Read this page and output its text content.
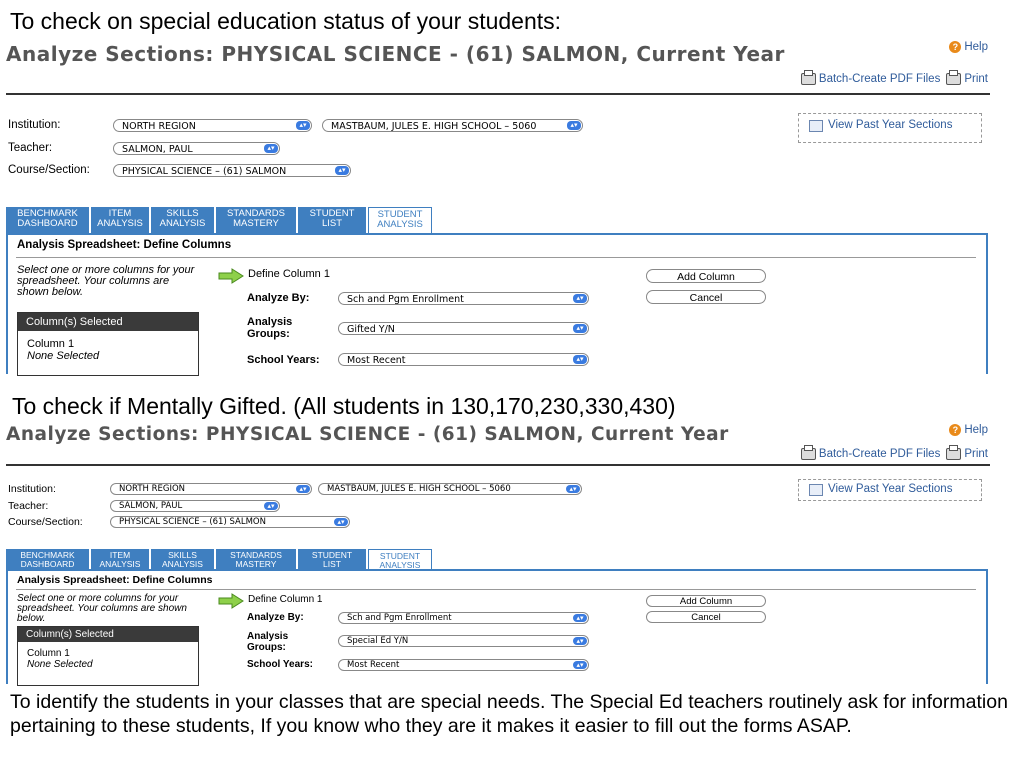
To check on special education status of your students:
Analyze Sections: PHYSICAL SCIENCE - (61) SALMON, Current Year	? Help
Batch-Create PDF Files Print
Institution:	NORTH REGION	▴▾	MASTBAUM, JULES E. HIGH SCHOOL – 5060	▴▾
Teacher:	SALMON, PAUL	▴▾
Course/Section:	PHYSICAL SCIENCE – (61) SALMON	▴▾
View Past Year Sections
BENCHMARK
DASHBOARD
ITEM
ANALYSIS
SKILLS
ANALYSIS
STANDARDS
MASTERY
STUDENT
LIST
STUDENT
ANALYSIS
Analysis Spreadsheet: Define Columns
Select one or more columns for your spreadsheet. Your columns are shown below.
Column(s) Selected
Column 1
None Selected
Define Column 1
Analyze By:	Sch and Pgm Enrollment	▴▾
Analysis Groups:	Gifted Y/N	▴▾
School Years:	Most Recent	▴▾
Add Column
Cancel
To check if Mentally Gifted. (All students in 130,170,230,330,430)
Analyze Sections: PHYSICAL SCIENCE - (61) SALMON, Current Year	? Help
Batch-Create PDF Files Print
Institution:	NORTH REGION	▴▾	MASTBAUM, JULES E. HIGH SCHOOL – 5060	▴▾
Teacher:	SALMON, PAUL	▴▾
Course/Section:	PHYSICAL SCIENCE – (61) SALMON	▴▾
View Past Year Sections
BENCHMARK
DASHBOARD
ITEM
ANALYSIS
SKILLS
ANALYSIS
STANDARDS
MASTERY
STUDENT
LIST
STUDENT
ANALYSIS
Analysis Spreadsheet: Define Columns
Select one or more columns for your spreadsheet. Your columns are shown below.
Column(s) Selected
Column 1
None Selected
Define Column 1
Analyze By:	Sch and Pgm Enrollment	▴▾
Analysis Groups:
Special Ed Y/N	▴▾
School Years:	Most Recent	▴▾
Add Column
Cancel
To identify the students in your classes that are special needs. The Special Ed teachers routinely ask for information pertaining to these students, If you know who they are it makes it easier to fill out the forms ASAP.
